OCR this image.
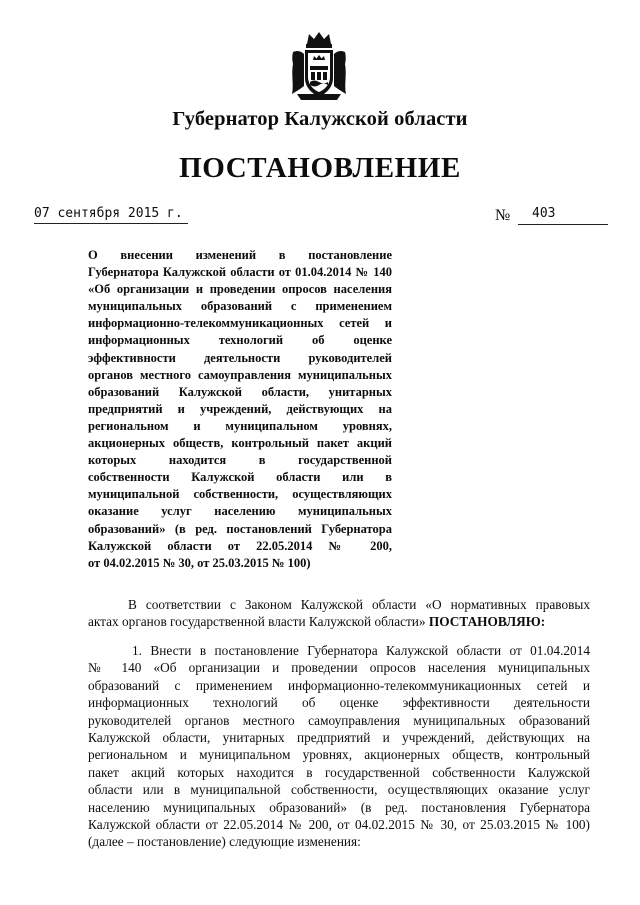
Губернатор Калужской области
ПОСТАНОВЛЕНИЕ
07 сентября 2015 г.	№ 403
О внесении изменений в постановление
Губернатора Калужской области от 01.04.2014 № 140
«Об организации и проведении опросов населения
муниципальных образований с применением
информационно-телекоммуникационных сетей и
информационных технологий об оценке
эффективности деятельности руководителей
органов местного самоуправления муниципальных
образований Калужской области, унитарных
предприятий и учреждений, действующих на
региональном и муниципальном уровнях,
акционерных обществ, контрольный пакет акций
которых находится в государственной
собственности Калужской области или в
муниципальной собственности, осуществляющих
оказание услуг населению муниципальных
образований» (в ред. постановлений Губернатора
Калужской области от 22.05.2014 № 200,
от 04.02.2015 № 30, от 25.03.2015 № 100)
В соответствии с Законом Калужской области «О нормативных правовых
актах органов государственной власти Калужской области» ПОСТАНОВЛЯЮ:
1. Внести в постановление Губернатора Калужской области от 01.04.2014
№ 140 «Об организации и проведении опросов населения муниципальных
образований с применением информационно-телекоммуникационных сетей и
информационных технологий об оценке эффективности деятельности
руководителей органов местного самоуправления муниципальных образований
Калужской области, унитарных предприятий и учреждений, действующих на
региональном и муниципальном уровнях, акционерных обществ, контрольный
пакет акций которых находится в государственной собственности Калужской
области или в муниципальной собственности, осуществляющих оказание услуг
населению муниципальных образований» (в ред. постановления Губернатора
Калужской области от 22.05.2014 № 200, от 04.02.2015 № 30, от 25.03.2015 № 100)
(далее – постановление) следующие изменения:
